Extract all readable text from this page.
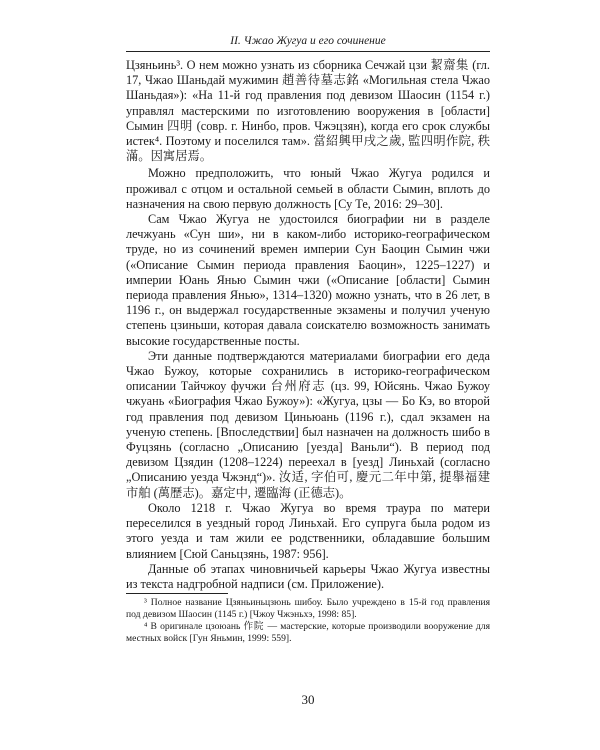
II. Чжао Жугуа и его сочинение

Цзяньинь³. О нем можно узнать из сборника Сечжай цзи 絜齋集 (гл. 17, Чжао Шаньдай мужимин 趙善待墓志銘 «Могильная стела Чжао Шаньдая»): «На 11-й год правления под девизом Шаосин (1154 г.) управлял мастерскими по изготовлению вооружения в [области] Сымин 四明 (совр. г. Нинбо, пров. Чжэцзян), когда его срок службы истек⁴. Поэтому и поселился там». 當紹興甲戌之歲, 監四明作院, 秩滿。因寓居焉。

Можно предположить, что юный Чжао Жугуа родился и проживал с отцом и остальной семьей в области Сымин, вплоть до назначения на свою первую должность [Су Те, 2016: 29–30].

Сам Чжао Жугуа не удостоился биографии ни в разделе лечжуань «Сун ши», ни в каком-либо историко-географическом труде, но из сочинений времен империи Сун Баоцин Сымин чжи («Описание Сымин периода правления Баоцин», 1225–1227) и империи Юань Янью Сымин чжи («Описание [области] Сымин периода правления Янью», 1314–1320) можно узнать, что в 26 лет, в 1196 г., он выдержал государственные экзамены и получил ученую степень цзиньши, которая давала соискателю возможность занимать высокие государственные посты.

Эти данные подтверждаются материалами биографии его деда Чжао Бужоу, которые сохранились в историко-географическом описании Тайчжоу фучжи 台州府志 (цз. 99, Юйсянь. Чжао Бужоу чжуань «Биография Чжао Бужоу»): «Жугуа, цзы — Бо Кэ, во второй год правления под девизом Циньюань (1196 г.), сдал экзамен на ученую степень. [Впоследствии] был назначен на должность шибо в Фуцзянь (согласно „Описанию [уезда] Ваньли“). В период под девизом Цзядин (1208–1224) переехал в [уезд] Линьхай (согласно „Описанию уезда Чжэнд“)». 汝适, 字伯可, 慶元二年中第, 提舉福建市舶 (萬歷志)。嘉定中, 遷臨海 (正德志)。

Около 1218 г. Чжао Жугуа во время траура по матери переселился в уездный город Линьхай. Его супруга была родом из этого уезда и там жили ее родственники, обладавшие большим влиянием [Сюй Саньцзянь, 1987: 956].

Данные об этапах чиновничьей карьеры Чжао Жугуа известны из текста надгробной надписи (см. Приложение).

³ Полное название Цзяньиньцзюнь шибоу. Было учреждено в 15-й год правления под девизом Шаосин (1145 г.) [Чжоу Чжэньхэ, 1998: 85].

⁴ В оригинале цзоюань 作院 — мастерские, которые производили вооружение для местных войск [Гун Яньмин, 1999: 559].

30
